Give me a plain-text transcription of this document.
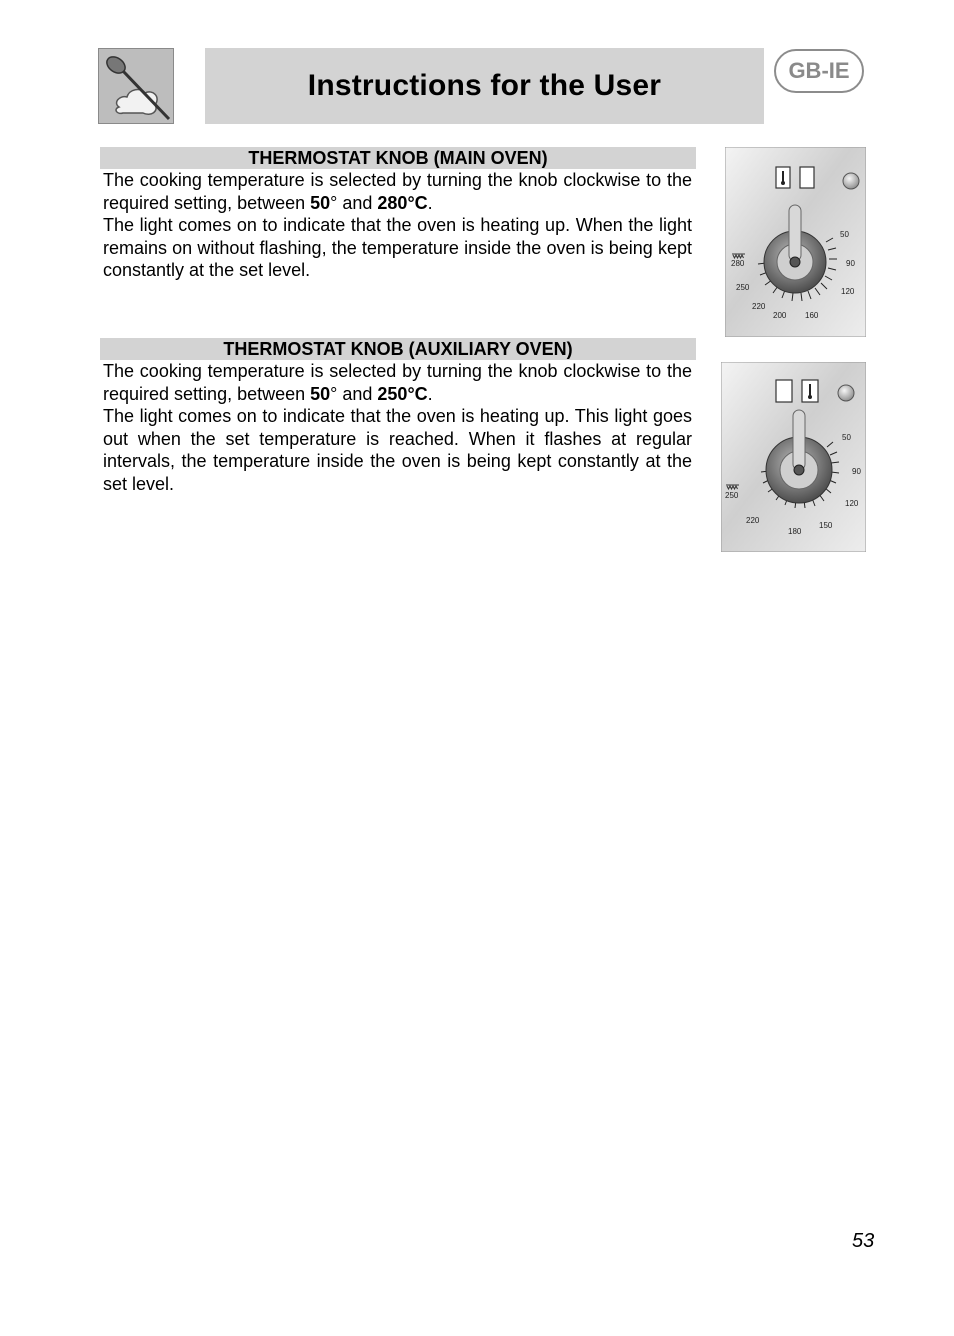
Instructions for the User	GB-IE
THERMOSTAT KNOB (MAIN OVEN)

The cooking temperature is selected by turning the knob clockwise to the required setting, between 50° and 280°C.

The light comes on to indicate that the oven is heating up. When the light remains on without flashing, the temperature inside the oven is being kept constantly at the set level.

THERMOSTAT KNOB (AUXILIARY OVEN)

The cooking temperature is selected by turning the knob clockwise to the required setting, between 50° and 250°C.

The light comes on to indicate that the oven is heating up. This light goes out when the set temperature is reached. When it flashes at regular intervals, the temperature inside the oven is being kept constantly at the set level.

50
90
120
160
200
220
250
280
50
90
120
150
180
220
250
53
